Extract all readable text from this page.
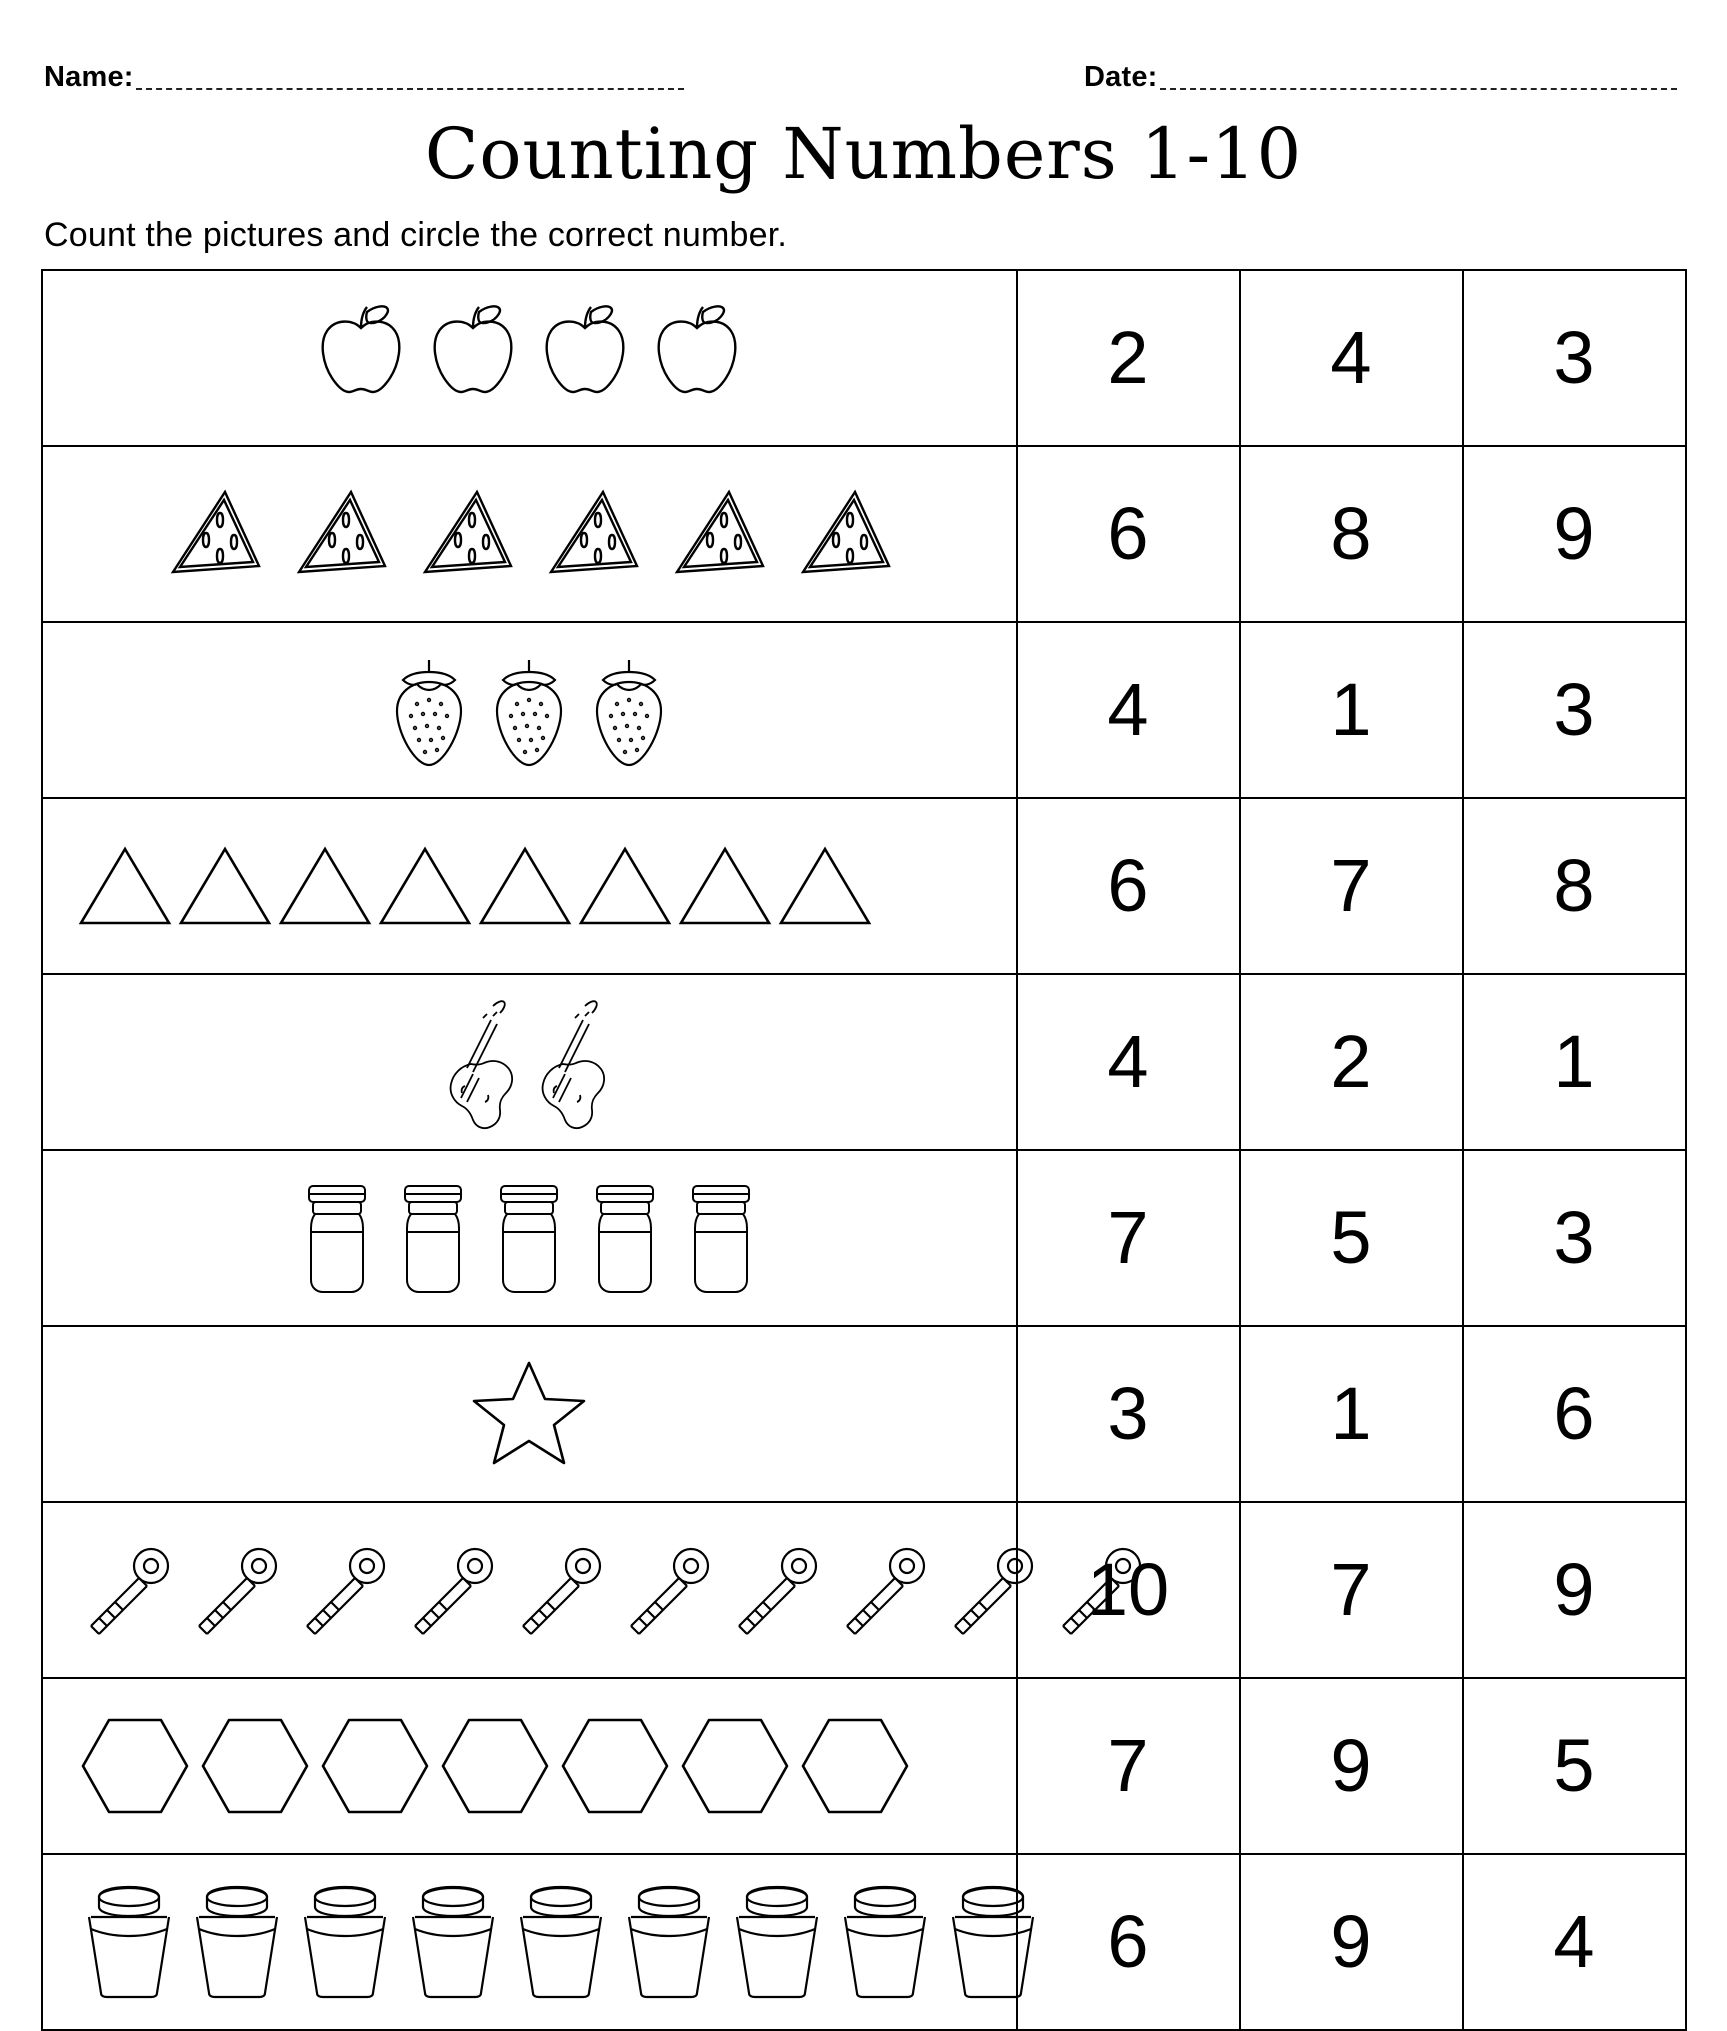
Name:	Date:
Counting Numbers 1-10
Count the pictures and circle the correct number.
	2	4	3

	6	8	9

	4	1	3

	6	7	8

	4	2	1

	7	5	3

	3	1	6

	10	7	9

	7	9	5

	6	9	4
